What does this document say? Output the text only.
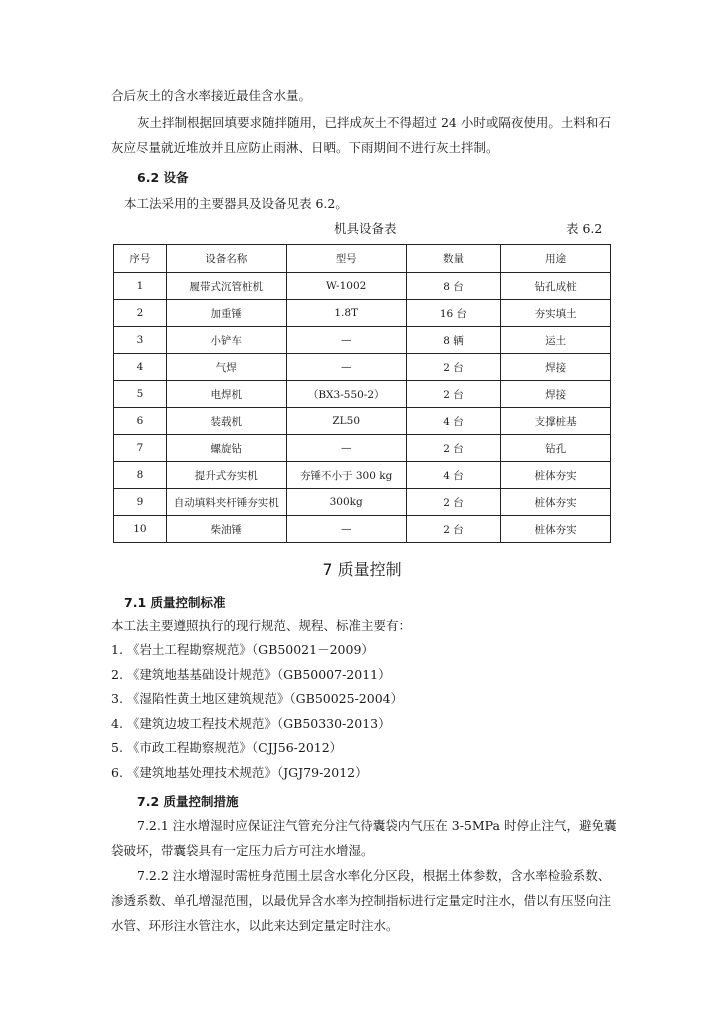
合后灰土的含水率接近最佳含水量。
灰土拌制根据回填要求随拌随用，已拌成灰土不得超过 24 小时或隔夜使用。土料和石
灰应尽量就近堆放并且应防止雨淋、日晒。下雨期间不进行灰土拌制。
6.2 设备
本工法采用的主要器具及设备见表 6.2。
机具设备表	表 6.2
序号	设备名称	型号	数量	用途
1	履带式沉管桩机	W-1002	8 台	钻孔成桩
2	加重锤	1.8T	16 台	夯实填土
3	小铲车	—	8 辆	运土
4	气焊	—	2 台	焊接
5	电焊机	（BX3-550-2）	2 台	焊接
6	装载机	ZL50	4 台	支撑桩基
7	螺旋钻	—	2 台	钻孔
8	提升式夯实机	夯锤不小于 300 kg	4 台	桩体夯实
9	自动填料夹杆锤夯实机	300kg	2 台	桩体夯实
10	柴油锤	—	2 台	桩体夯实
7 质量控制
7.1 质量控制标准
本工法主要遵照执行的现行规范、规程、标准主要有：
1. 《岩土工程勘察规范》（GB50021－2009）
2. 《建筑地基基础设计规范》（GB50007-2011）
3. 《湿陷性黄土地区建筑规范》（GB50025-2004）
4. 《建筑边坡工程技术规范》（GB50330-2013）
5. 《市政工程勘察规范》（CJJ56-2012）
6. 《建筑地基处理技术规范》（JGJ79-2012）
7.2 质量控制措施
7.2.1 注水增湿时应保证注气管充分注气待囊袋内气压在 3-5MPa 时停止注气，避免囊
袋破坏，带囊袋具有一定压力后方可注水增湿。
7.2.2 注水增湿时需桩身范围土层含水率化分区段，根据土体参数，含水率检验系数、
渗透系数、单孔增湿范围，以最优异含水率为控制指标进行定量定时注水，借以有压竖向注
水管、环形注水管注水，以此来达到定量定时注水。
